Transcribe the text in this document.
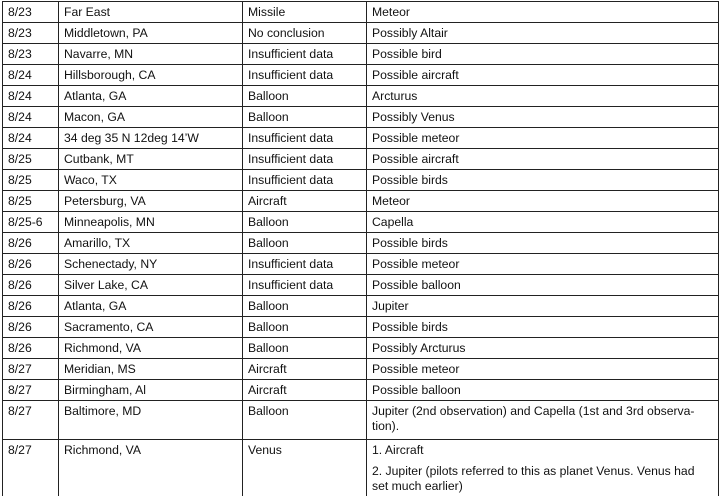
8/23	Far East	Missile	Meteor
8/23	Middletown, PA	No conclusion	Possibly Altair
8/23	Navarre, MN	Insufficient data	Possible bird
8/24	Hillsborough, CA	Insufficient data	Possible aircraft
8/24	Atlanta, GA	Balloon	Arcturus
8/24	Macon, GA	Balloon	Possibly Venus
8/24	34 deg 35 N 12deg 14’W	Insufficient data	Possible meteor
8/25	Cutbank, MT	Insufficient data	Possible aircraft
8/25	Waco, TX	Insufficient data	Possible birds
8/25	Petersburg, VA	Aircraft	Meteor
8/25-6	Minneapolis, MN	Balloon	Capella
8/26	Amarillo, TX	Balloon	Possible birds
8/26	Schenectady, NY	Insufficient data	Possible meteor
8/26	Silver Lake, CA	Insufficient data	Possible balloon
8/26	Atlanta, GA	Balloon	Jupiter
8/26	Sacramento, CA	Balloon	Possible birds
8/26	Richmond, VA	Balloon	Possibly Arcturus
8/27	Meridian, MS	Aircraft	Possible meteor
8/27	Birmingham, Al	Aircraft	Possible balloon
8/27	Baltimore, MD	Balloon	Jupiter (2nd observation) and Capella (1st and 3rd observa-tion).
8/27	Richmond, VA	Venus	1. Aircraft
2. Jupiter (pilots referred to this as planet Venus. Venus had set much earlier)
